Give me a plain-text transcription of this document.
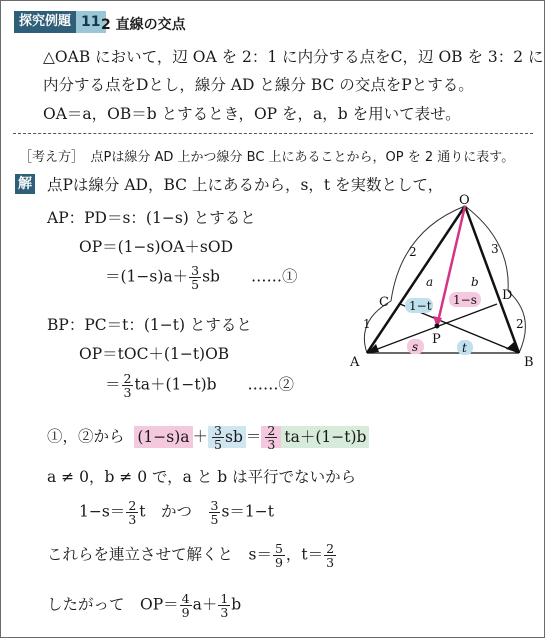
探究例題 11 2 直線の交点
△OAB において，辺 OA を 2：1 に内分する点をC，辺 OB を 3：2 に
内分する点をDとし，線分 AD と線分 BC の交点をPとする。
OA＝a，OB＝b とするとき，OP を，a，b を用いて表せ。
［考え方］　点Pは線分 AD 上かつ線分 BC 上にあることから，OP を 2 通りに表す。
解 点Pは線分 AD，BC 上にあるから，s，t を実数として，
AP：PD＝s：(1−s) とすると
OP＝(1−s)OA＋sOD
$=(1-s)a+ \frac{3}{5}$ sb　　……①
BP：PC＝t：(1−t) とすると
OP＝tOC＋(1−t)OB
＝ $\frac{2}{3} ta+(1-t)b$　　……②
①，②から $(1-s)a + \frac{3}{5}$ sb ＝ $\frac{2}{3} ta+(1-t)b$
a ≠ 0，b ≠ 0 で，a と b は平行でないから
$1-s= \frac{2}{3}$ t　かつ　 $\frac{3}{5} s=1-t$
これらを連立させて解くと　$s= \frac{5}{9}$ ，$t= \frac{2}{3}$
したがって　$OP= \frac{4}{9} a+ \frac{1}{3}$ b
O
A	B
C	D
P
2
1
3
2
1−t 1−s
s	t
a	b
